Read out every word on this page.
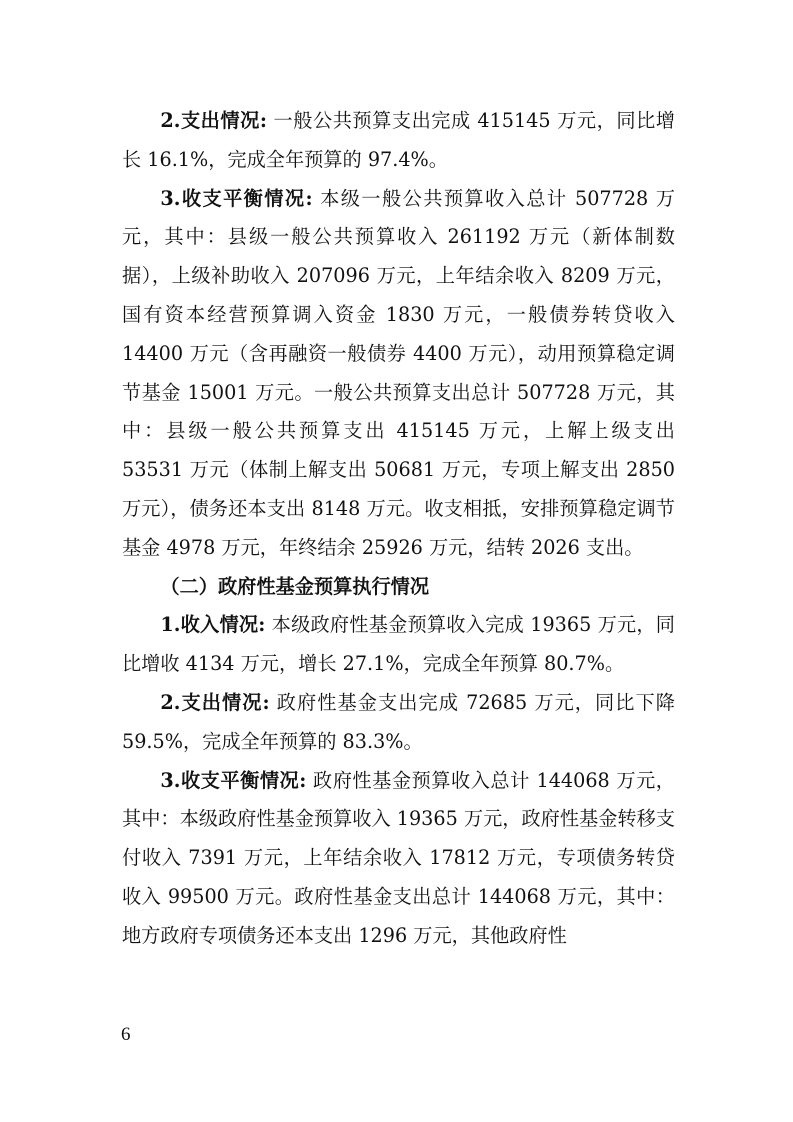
2.支出情况: 一般公共预算支出完成 415145 万元，同比增长 16.1%，完成全年预算的 97.4%。

3.收支平衡情况: 本级一般公共预算收入总计 507728 万元，其中：县级一般公共预算收入 261192 万元（新体制数据），上级补助收入 207096 万元，上年结余收入 8209 万元，国有资本经营预算调入资金 1830 万元，一般债券转贷收入 14400 万元（含再融资一般债券 4400 万元），动用预算稳定调节基金 15001 万元。一般公共预算支出总计 507728 万元，其中：县级一般公共预算支出 415145 万元，上解上级支出 53531 万元（体制上解支出 50681 万元，专项上解支出 2850 万元），债务还本支出 8148 万元。收支相抵，安排预算稳定调节基金 4978 万元，年终结余 25926 万元，结转 2026 支出。

（二）政府性基金预算执行情况

1.收入情况: 本级政府性基金预算收入完成 19365 万元，同比增收 4134 万元，增长 27.1%，完成全年预算 80.7%。

2.支出情况: 政府性基金支出完成 72685 万元，同比下降 59.5%，完成全年预算的 83.3%。

3.收支平衡情况: 政府性基金预算收入总计 144068 万元，其中：本级政府性基金预算收入 19365 万元，政府性基金转移支付收入 7391 万元，上年结余收入 17812 万元，专项债务转贷收入 99500 万元。政府性基金支出总计 144068 万元，其中：地方政府专项债务还本支出 1296 万元，其他政府性

6
